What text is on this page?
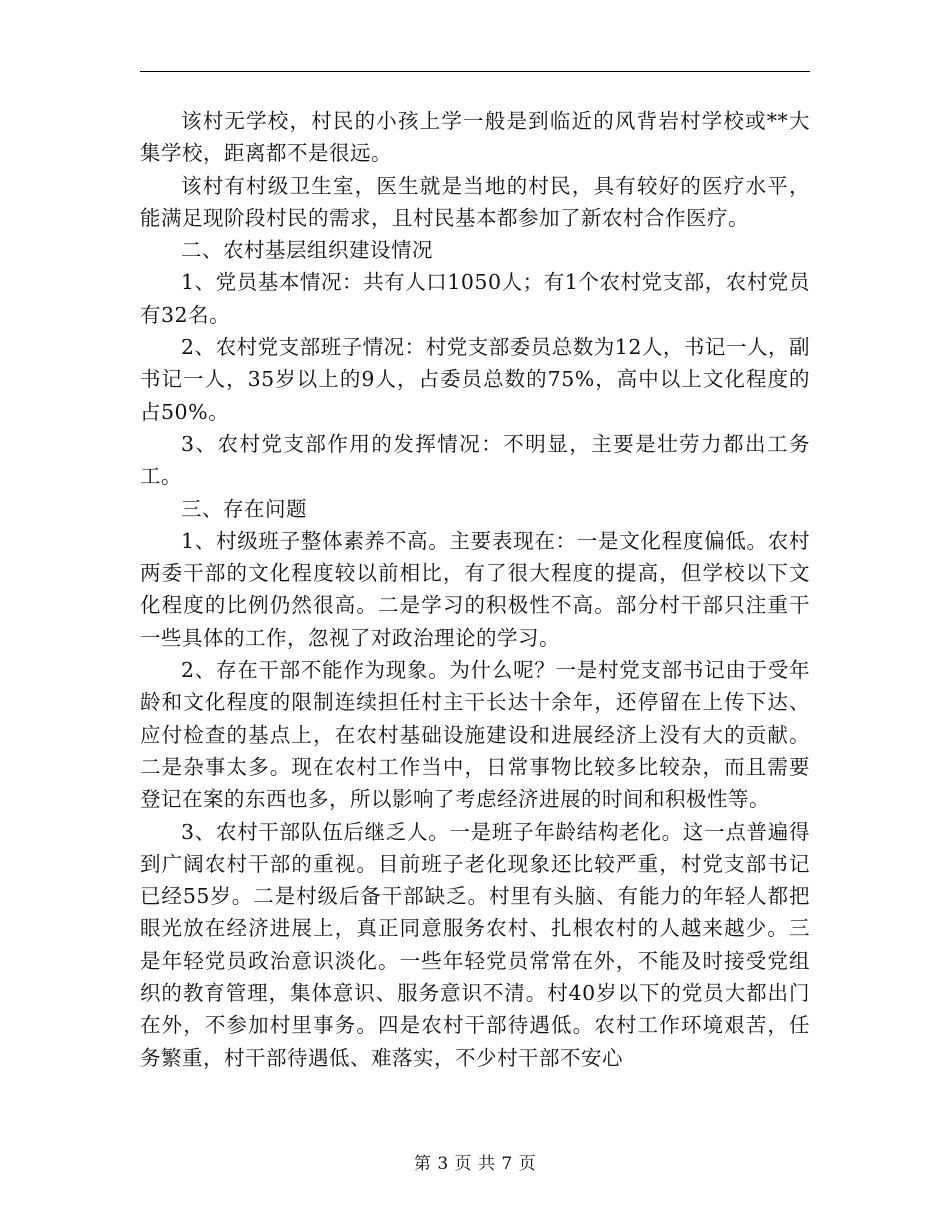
该村无学校，村民的小孩上学一般是到临近的风背岩村学校或**大集学校，距离都不是很远。

该村有村级卫生室，医生就是当地的村民，具有较好的医疗水平，能满足现阶段村民的需求，且村民基本都参加了新农村合作医疗。

二、农村基层组织建设情况

1、党员基本情况：共有人口1050人；有1个农村党支部，农村党员有32名。

2、农村党支部班子情况：村党支部委员总数为12人，书记一人，副书记一人，35岁以上的9人，占委员总数的75%，高中以上文化程度的占50%。

3、农村党支部作用的发挥情况：不明显，主要是壮劳力都出工务工。

三、存在问题

1、村级班子整体素养不高。主要表现在：一是文化程度偏低。农村两委干部的文化程度较以前相比，有了很大程度的提高，但学校以下文化程度的比例仍然很高。二是学习的积极性不高。部分村干部只注重干一些具体的工作，忽视了对政治理论的学习。

2、存在干部不能作为现象。为什么呢？一是村党支部书记由于受年龄和文化程度的限制连续担任村主干长达十余年，还停留在上传下达、应付检查的基点上，在农村基础设施建设和进展经济上没有大的贡献。二是杂事太多。现在农村工作当中，日常事物比较多比较杂，而且需要登记在案的东西也多，所以影响了考虑经济进展的时间和积极性等。

3、农村干部队伍后继乏人。一是班子年龄结构老化。这一点普遍得到广阔农村干部的重视。目前班子老化现象还比较严重，村党支部书记已经55岁。二是村级后备干部缺乏。村里有头脑、有能力的年轻人都把眼光放在经济进展上，真正同意服务农村、扎根农村的人越来越少。三是年轻党员政治意识淡化。一些年轻党员常常在外，不能及时接受党组织的教育管理，集体意识、服务意识不清。村40岁以下的党员大都出门在外，不参加村里事务。四是农村干部待遇低。农村工作环境艰苦，任务繁重，村干部待遇低、难落实，不少村干部不安心

第 3 页 共 7 页
